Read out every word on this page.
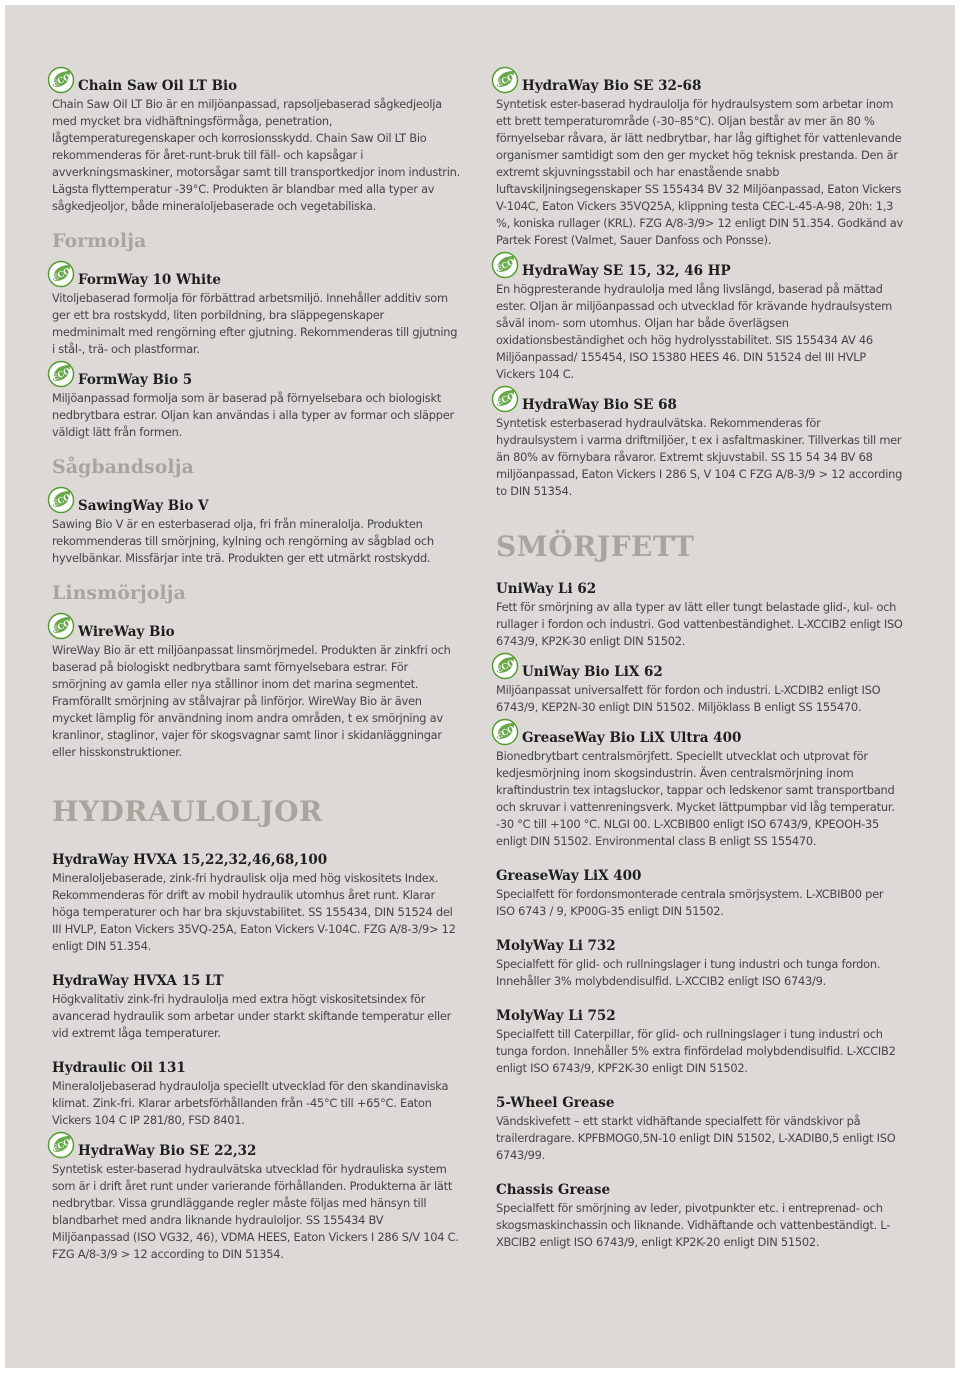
ECO Chain Saw Oil LT Bio

Chain Saw Oil LT Bio är en miljöanpassad, rapsoljebaserad sågkedjeolja med mycket bra vidhäftningsförmåga, penetration, lågtemperaturegenskaper och korrosionsskydd. Chain Saw Oil LT Bio rekommenderas för året-runt-bruk till fäll- och kapsågar i avverkningsmaskiner, motorsågar samt till transportkedjor inom industrin. Lägsta flyttemperatur -39°C. Produkten är blandbar med alla typer av sågkedjeoljor, både mineraloljebaserade och vegetabiliska.

Formolja
ECO FormWay 10 White

Vitoljebaserad formolja för förbättrad arbetsmiljö. Innehåller additiv som ger ett bra rostskydd, liten porbildning, bra släppegenskaper medminimalt med rengörning efter gjutning. Rekommenderas till gjutning i stål-, trä- och plastformar.

ECO FormWay Bio 5

Miljöanpassad formolja som är baserad på förnyelsebara och biologiskt nedbrytbara estrar. Oljan kan användas i alla typer av formar och släpper väldigt lätt från formen.

Sågbandsolja
ECO SawingWay Bio V

Sawing Bio V är en esterbaserad olja, fri från mineralolja. Produkten rekommenderas till smörjning, kylning och rengörning av sågblad och hyvelbänkar. Missfärjar inte trä. Produkten ger ett utmärkt rostskydd.

Linsmörjolja
ECO WireWay Bio

WireWay Bio är ett miljöanpassat linsmörjmedel. Produkten är zinkfri och baserad på biologiskt nedbrytbara samt förnyelsebara estrar. För smörjning av gamla eller nya stållinor inom det marina segmentet. Framförallt smörjning av stålvajrar på linförjor. WireWay Bio är även mycket lämplig för användning inom andra områden, t ex smörjning av kranlinor, staglinor, vajer för skogsvagnar samt linor i skidanläggningar eller hisskonstruktioner.

HYDRAULOLJOR
HydraWay HVXA 15,22,32,46,68,100

Mineraloljebaserade, zink-fri hydraulisk olja med hög viskositets Index. Rekommenderas för drift av mobil hydraulik utomhus året runt. Klarar höga temperaturer och har bra skjuvstabilitet. SS 155434, DIN 51524 del III HVLP, Eaton Vickers 35VQ-25A, Eaton Vickers V-104C. FZG A/8-3/9> 12 enligt DIN 51.354.

HydraWay HVXA 15 LT

Högkvalitativ zink-fri hydraulolja med extra högt viskositetsindex för avancerad hydraulik som arbetar under starkt skiftande temperatur eller vid extremt låga temperaturer.

Hydraulic Oil 131

Mineraloljebaserad hydraulolja speciellt utvecklad för den skandinaviska klimat. Zink-fri. Klarar arbetsförhållanden från -45°C till +65°C. Eaton Vickers 104 C IP 281/80, FSD 8401.

ECO HydraWay Bio SE 22,32

Syntetisk ester-baserad hydraulvätska utvecklad för hydrauliska system som är i drift året runt under varierande förhållanden. Produkterna är lätt nedbrytbar. Vissa grundläggande regler måste följas med hänsyn till blandbarhet med andra liknande hydrauloljor. SS 155434 BV Miljöanpassad (ISO VG32, 46), VDMA HEES, Eaton Vickers I 286 S/V 104 C. FZG A/8-3/9 > 12 according to DIN 51354.

ECO HydraWay Bio SE 32-68

Syntetisk ester-baserad hydraulolja för hydraulsystem som arbetar inom ett brett temperaturområde (-30–85°C). Oljan består av mer än 80 % förnyelsebar råvara, är lätt nedbrytbar, har låg giftighet för vattenlevande organismer samtidigt som den ger mycket hög teknisk prestanda. Den är extremt skjuvningsstabil och har enastående snabb luftavskiljningsegenskaper SS 155434 BV 32 Miljöanpassad, Eaton Vickers V-104C, Eaton Vickers 35VQ25A, klippning testa CEC-L-45-A-98, 20h: 1,3 %, koniska rullager (KRL). FZG A/8-3/9> 12 enligt DIN 51.354. Godkänd av Partek Forest (Valmet, Sauer Danfoss och Ponsse).

ECO HydraWay SE 15, 32, 46 HP

En högpresterande hydraulolja med lång livslängd, baserad på mättad ester. Oljan är miljöanpassad och utvecklad för krävande hydraulsystem såväl inom- som utomhus. Oljan har både överlägsen oxidationsbeständighet och hög hydrolysstabilitet. SIS 155434 AV 46 Miljöanpassad/ 155454, ISO 15380 HEES 46. DIN 51524 del III HVLP Vickers 104 C.

ECO HydraWay Bio SE 68

Syntetisk esterbaserad hydraulvätska. Rekommenderas för hydraulsystem i varma driftmiljöer, t ex i asfaltmaskiner. Tillverkas till mer än 80% av förnybara råvaror. Extremt skjuvstabil. SS 15 54 34 BV 68 miljöanpassad, Eaton Vickers I 286 S, V 104 C FZG A/8-3/9 > 12 according to DIN 51354.

SMÖRJFETT
UniWay Li 62

Fett för smörjning av alla typer av lätt eller tungt belastade glid-, kul- och rullager i fordon och industri. God vattenbeständighet. L-XCCIB2 enligt ISO 6743/9, KP2K-30 enligt DIN 51502.

ECO UniWay Bio LiX 62

Miljöanpassat universalfett för fordon och industri. L-XCDIB2 enligt ISO 6743/9, KEP2N-30 enligt DIN 51502. Miljöklass B enligt SS 155470.

ECO GreaseWay Bio LiX Ultra 400

Bionedbrytbart centralsmörjfett. Speciellt utvecklat och utprovat för kedjesmörjning inom skogsindustrin. Även centralsmörjning inom kraftindustrin tex intagsluckor, tappar och ledskenor samt transportband och skruvar i vattenreningsverk. Mycket lättpumpbar vid låg temperatur. -30 °C till +100 °C. NLGI 00. L-XCBIB00 enligt ISO 6743/9, KPEOOH-35 enligt DIN 51502. Environmental class B enligt SS 155470.

GreaseWay LiX 400

Specialfett för fordonsmonterade centrala smörjsystem. L-XCBIB00 per ISO 6743 / 9, KP00G-35 enligt DIN 51502.

MolyWay Li 732

Specialfett för glid- och rullningslager i tung industri och tunga fordon. Innehåller 3% molybdendisulfid. L-XCCIB2 enligt ISO 6743/9.

MolyWay Li 752

Specialfett till Caterpillar, för glid- och rullningslager i tung industri och tunga fordon. Innehåller 5% extra finfördelad molybdendisulfid. L-XCCIB2 enligt ISO 6743/9, KPF2K-30 enligt DIN 51502.

5-Wheel Grease

Vändskivefett – ett starkt vidhäftande specialfett för vändskivor på trailerdragare. KPFBMOG0,5N-10 enligt DIN 51502, L-XADIB0,5 enligt ISO 6743/99.

Chassis Grease

Specialfett för smörjning av leder, pivotpunkter etc. i entreprenad- och skogsmaskinchassin och liknande. Vidhäftande och vattenbeständigt. L-XBCIB2 enligt ISO 6743/9, enligt KP2K-20 enligt DIN 51502.
